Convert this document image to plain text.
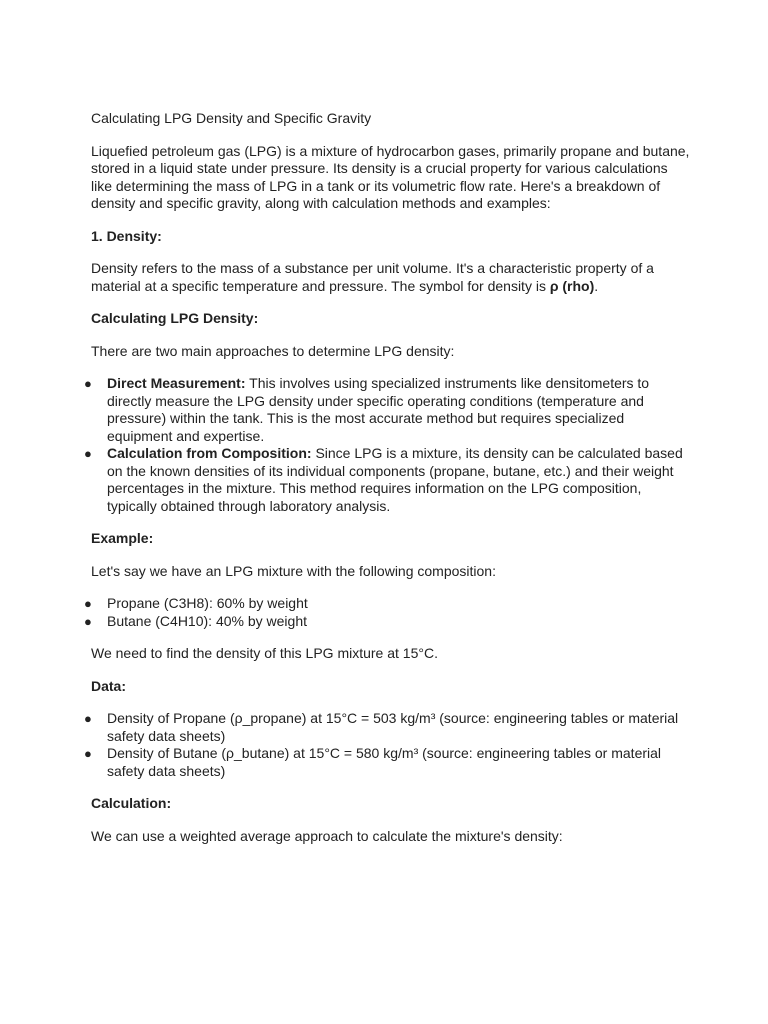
Calculating LPG Density and Specific Gravity

Liquefied petroleum gas (LPG) is a mixture of hydrocarbon gases, primarily propane and butane, stored in a liquid state under pressure. Its density is a crucial property for various calculations like determining the mass of LPG in a tank or its volumetric flow rate. Here's a breakdown of density and specific gravity, along with calculation methods and examples:

1. Density:

Density refers to the mass of a substance per unit volume. It's a characteristic property of a material at a specific temperature and pressure. The symbol for density is ρ (rho).

Calculating LPG Density:

There are two main approaches to determine LPG density:

● Direct Measurement: This involves using specialized instruments like densitometers to directly measure the LPG density under specific operating conditions (temperature and pressure) within the tank. This is the most accurate method but requires specialized equipment and expertise.
● Calculation from Composition: Since LPG is a mixture, its density can be calculated based on the known densities of its individual components (propane, butane, etc.) and their weight percentages in the mixture. This method requires information on the LPG composition, typically obtained through laboratory analysis.

Example:

Let's say we have an LPG mixture with the following composition:

● Propane (C3H8): 60% by weight
● Butane (C4H10): 40% by weight

We need to find the density of this LPG mixture at 15°C.

Data:

● Density of Propane (ρ_propane) at 15°C = 503 kg/m³ (source: engineering tables or material safety data sheets)
● Density of Butane (ρ_butane) at 15°C = 580 kg/m³ (source: engineering tables or material safety data sheets)

Calculation:

We can use a weighted average approach to calculate the mixture's density:
